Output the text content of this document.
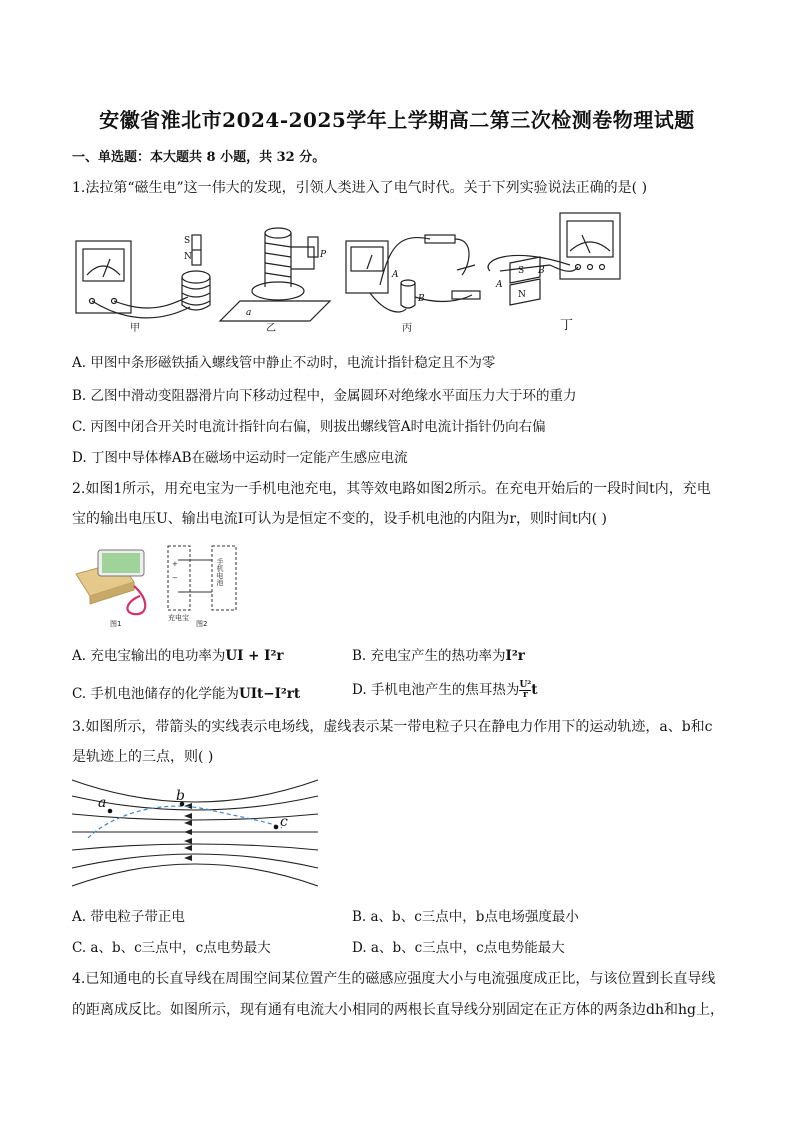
安徽省淮北市2024-2025学年上学期高二第三次检测卷物理试题
一、单选题：本大题共 8 小题，共 32 分。
1.法拉第“磁生电”这一伟大的发现，引领人类进入了电气时代。关于下列实验说法正确的是( )
S
N	P
a
A
B
S
N
B
A
甲	乙	丙	丁
A. 甲图中条形磁铁插入螺线管中静止不动时，电流计指针稳定且不为零
B. 乙图中滑动变阻器滑片向下移动过程中，金属圆环对绝缘水平面压力大于环的重力
C. 丙图中闭合开关时电流计指针向右偏，则拔出螺线管A时电流计指针仍向右偏
D. 丁图中导体棒AB在磁场中运动时一定能产生感应电流
2.如图1所示，用充电宝为一手机电池充电，其等效电路如图2所示。在充电开始后的一段时间t内，充电
宝的输出电压U、输出电流I可认为是恒定不变的，设手机电池的内阻为r，则时间t内( )
+
−
充电宝
图1	图2
手机电池
A. 充电宝输出的电功率为UI + I²r	B. 充电宝产生的热功率为I²r
C. 手机电池储存的化学能为UIt−I²rt	D. 手机电池产生的焦耳热为 $\frac{\text{U²}}{r}$ t
3.如图所示，带箭头的实线表示电场线，虚线表示某一带电粒子只在静电力作用下的运动轨迹，a、b和c
是轨迹上的三点，则( )
a	b
c
A. 带电粒子带正电	B. a、b、c三点中，b点电场强度最小
C. a、b、c三点中，c点电势最大	D. a、b、c三点中，c点电势能最大
4.已知通电的长直导线在周围空间某位置产生的磁感应强度大小与电流强度成正比，与该位置到长直导线
的距离成反比。如图所示，现有通有电流大小相同的两根长直导线分别固定在正方体的两条边dh和hg上，
